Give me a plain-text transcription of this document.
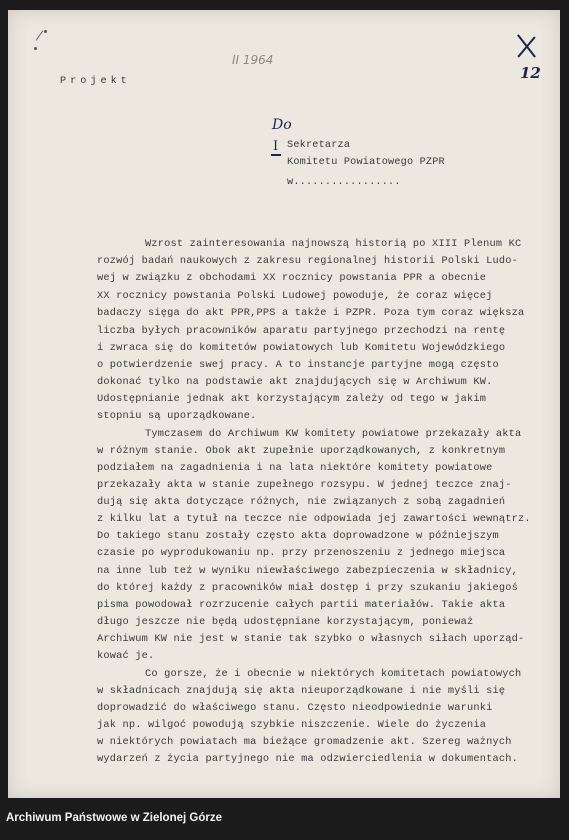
Projekt
II 1964
12
Do
I Sekretarza
Komitetu Powiatowego PZPR
w.................
Wzrost zainteresowania najnowszą historią po XIII Plenum KC
rozwój badań naukowych z zakresu regionalnej historii Polski Ludo-
wej w związku z obchodami XX rocznicy powstania PPR a obecnie
XX rocznicy powstania Polski Ludowej powoduje, że coraz więcej
badaczy sięga do akt PPR,PPS a także i PZPR. Poza tym coraz większa
liczba byłych pracowników aparatu partyjnego przechodzi na rentę
i zwraca się do komitetów powiatowych lub Komitetu Wojewódzkiego
o potwierdzenie swej pracy. A to instancje partyjne mogą często
dokonać tylko na podstawie akt znajdujących się w Archiwum KW.
Udostępnianie jednak akt korzystającym zależy od tego w jakim
stopniu są uporządkowane.
Tymczasem do Archiwum KW komitety powiatowe przekazały akta
w różnym stanie. Obok akt zupełnie uporządkowanych, z konkretnym
podziałem na zagadnienia i na lata niektóre komitety powiatowe
przekazały akta w stanie zupełnego rozsypu. W jednej teczce znaj-
dują się akta dotyczące różnych, nie związanych z sobą zagadnień
z kilku lat a tytuł na teczce nie odpowiada jej zawartości wewnątrz.
Do takiego stanu zostały często akta doprowadzone w późniejszym
czasie po wyprodukowaniu np. przy przenoszeniu z jednego miejsca
na inne lub też w wyniku niewłaściwego zabezpieczenia w składnicy,
do której każdy z pracowników miał dostęp i przy szukaniu jakiegoś
pisma powodował rozrzucenie całych partii materiałów. Takie akta
długo jeszcze nie będą udostępniane korzystającym, ponieważ
Archiwum KW nie jest w stanie tak szybko o własnych siłach uporząd-
kować je.
Co gorsze, że i obecnie w niektórych komitetach powiatowych
w składnicach znajdują się akta nieuporządkowane i nie myśli się
doprowadzić do właściwego stanu. Często nieodpowiednie warunki
jak np. wilgoć powodują szybkie niszczenie. Wiele do życzenia
w niektórych powiatach ma bieżące gromadzenie akt. Szereg ważnych
wydarzeń z życia partyjnego nie ma odzwierciedlenia w dokumentach.
Archiwum Państwowe w Zielonej Górze
